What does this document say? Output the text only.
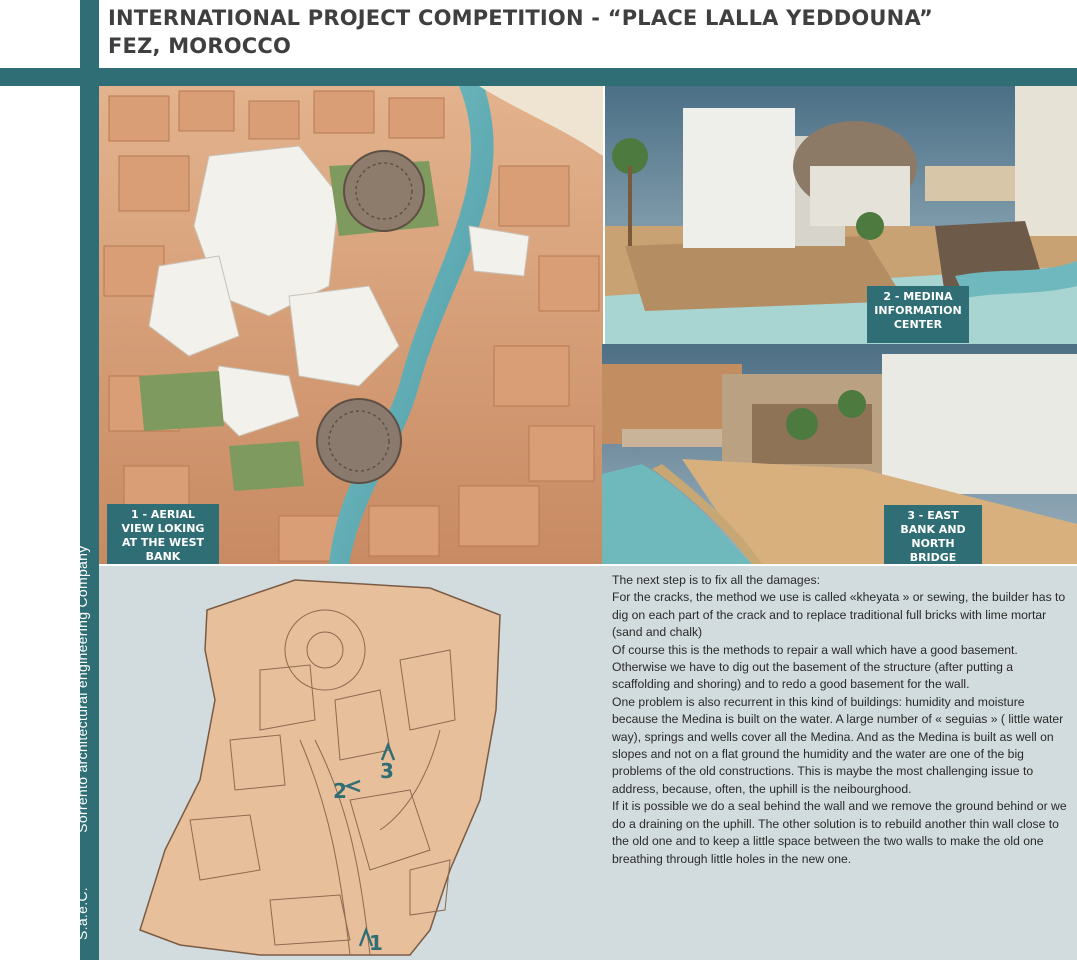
INTERNATIONAL PROJECT COMPETITION - “PLACE LALLA YEDDOUNA”
FEZ, MOROCCO
S.a.e.C. Sorrento architectural engineering Company
1 - AERIAL VIEW LOKING AT THE WEST BANK
2 - MEDINA INFORMATION CENTER
3 - EAST BANK AND NORTH BRIDGE
3
2
1

The next step is to fix all the damages:

For the cracks, the method we use is called «kheyata » or sewing, the builder has to dig on each part of the crack and to replace traditional full bricks with lime mortar (sand and chalk)

Of course this is the methods to repair a wall which have a good basement. Otherwise we have to dig out the basement of the structure (after putting a scaffolding and shoring) and to redo a good basement for the wall.

One problem is also recurrent in this kind of buildings: humidity and moisture because the Medina is built on the water. A large number of « seguias » ( little water way), springs and wells cover all the Medina. And as the Medina is built as well on slopes and not on a flat ground the humidity and the water are one of the big problems of the old constructions. This is maybe the most challenging issue to address, because, often, the uphill is the neibourghood.

If it is possible we do a seal behind the wall and we remove the ground behind or we do a draining on the uphill. The other solution is to rebuild another thin wall close to the old one and to keep a little space between the two walls to make the old one breathing through little holes in the new one.
